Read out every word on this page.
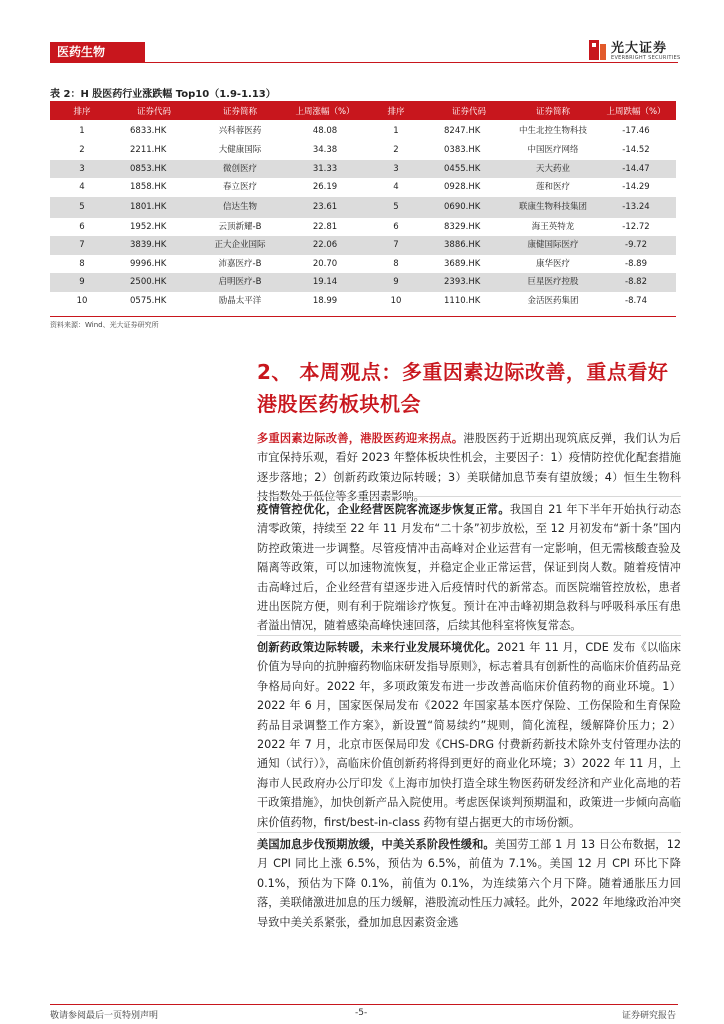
医药生物	光大证券
EVERBRIGHT SECURITIES
表 2：H 股医药行业涨跌幅 Top10（1.9-1.13）
排序	证券代码	证券简称	上周涨幅（%）	排序	证券代码	证券简称	上周跌幅（%）
1	6833.HK	兴科蓉医药	48.08	1	8247.HK	中生北控生物科技	-17.46
2	2211.HK	大健康国际	34.38	2	0383.HK	中国医疗网络	-14.52
3	0853.HK	微创医疗	31.33	3	0455.HK	天大药业	-14.47
4	1858.HK	春立医疗	26.19	4	0928.HK	莲和医疗	-14.29
5	1801.HK	信达生物	23.61	5	0690.HK	联康生物科技集团	-13.24
6	1952.HK	云顶新耀-B	22.81	6	8329.HK	海王英特龙	-12.72
7	3839.HK	正大企业国际	22.06	7	3886.HK	康健国际医疗	-9.72
8	9996.HK	沛嘉医疗-B	20.70	8	3689.HK	康华医疗	-8.89
9	2500.HK	启明医疗-B	19.14	9	2393.HK	巨星医疗控股	-8.82
10	0575.HK	励晶太平洋	18.99	10	1110.HK	金活医药集团	-8.74
资料来源：Wind、光大证券研究所
2、 本周观点：多重因素边际改善，重点看好港股医药板块机会

多重因素边际改善，港股医药迎来拐点。港股医药于近期出现筑底反弹，我们认为后市宜保持乐观，看好 2023 年整体板块性机会，主要因子：1）疫情防控优化配套措施逐步落地；2）创新药政策边际转暖；3）美联储加息节奏有望放缓；4）恒生生物科

疫情管控优化，企业经营医院客流逐步恢复正常。我国自 21 年下半年开始执行动态清零政策，持续至 22 年 11 月发布“二十条”初步放松，至 12 月初发布“新十条”国内防控政策进一步调整。尽管疫情冲击高峰对企业运营有一定影响，但无需核酸查验及隔离等政策，可以加速物流恢复，并稳定企业正常运营，保证到岗人数。随着疫情冲击高峰过后，企业经营有望逐步进入后疫情时代的新常态。而医院端管控放松，患者进出医院方便，则有利于院端诊疗恢复。预计在冲击峰初期急救科与呼吸科承压有患者溢出情况，随着感染高峰快速回落，后续其他科室将恢复常态。

创新药政策边际转暖，未来行业发展环境优化。2021 年 11 月，CDE 发布《以临床价值为导向的抗肿瘤药物临床研发指导原则》，标志着具有创新性的高临床价值药品竞争格局向好。2022 年，多项政策发布进一步改善高临床价值药物的商业环境。1）2022 年 6 月，国家医保局发布《2022 年国家基本医疗保险、工伤保险和生育保险药品目录调整工作方案》，新设置“简易续约”规则，简化流程，缓解降价压力；2）2022 年 7 月，北京市医保局印发《CHS-DRG 付费新药新技术除外支付管理办法的通知（试行）》，高临床价值创新药将得到更好的商业化环境；3）2022 年 11 月，上海市人民政府办公厅印发《上海市加快打造全球生物医药研发经济和产业化高地的若干政策措施》，加快创新产品入院使用。考虑医保谈判预期温和，政策进一步倾向高临床价值药物，first/best-in-class 药物有望占据更大的市场份额。

美国加息步伐预期放缓，中美关系阶段性缓和。美国劳工部 1 月 13 日公布数据，12 月 CPI 同比上涨 6.5%，预估为 6.5%，前值为 7.1%。美国 12 月 CPI 环比下降 0.1%，预估为下降 0.1%，前值为 0.1%，为连续第六个月下降。随着通胀压力回落，美联储激进加息的压力缓解，港股流动性压力减轻。此外，2022 年地缘政治冲突导致中美关系紧张，叠加加息因素资金逃

敬请参阅最后一页特别声明	-5-	证券研究报告
